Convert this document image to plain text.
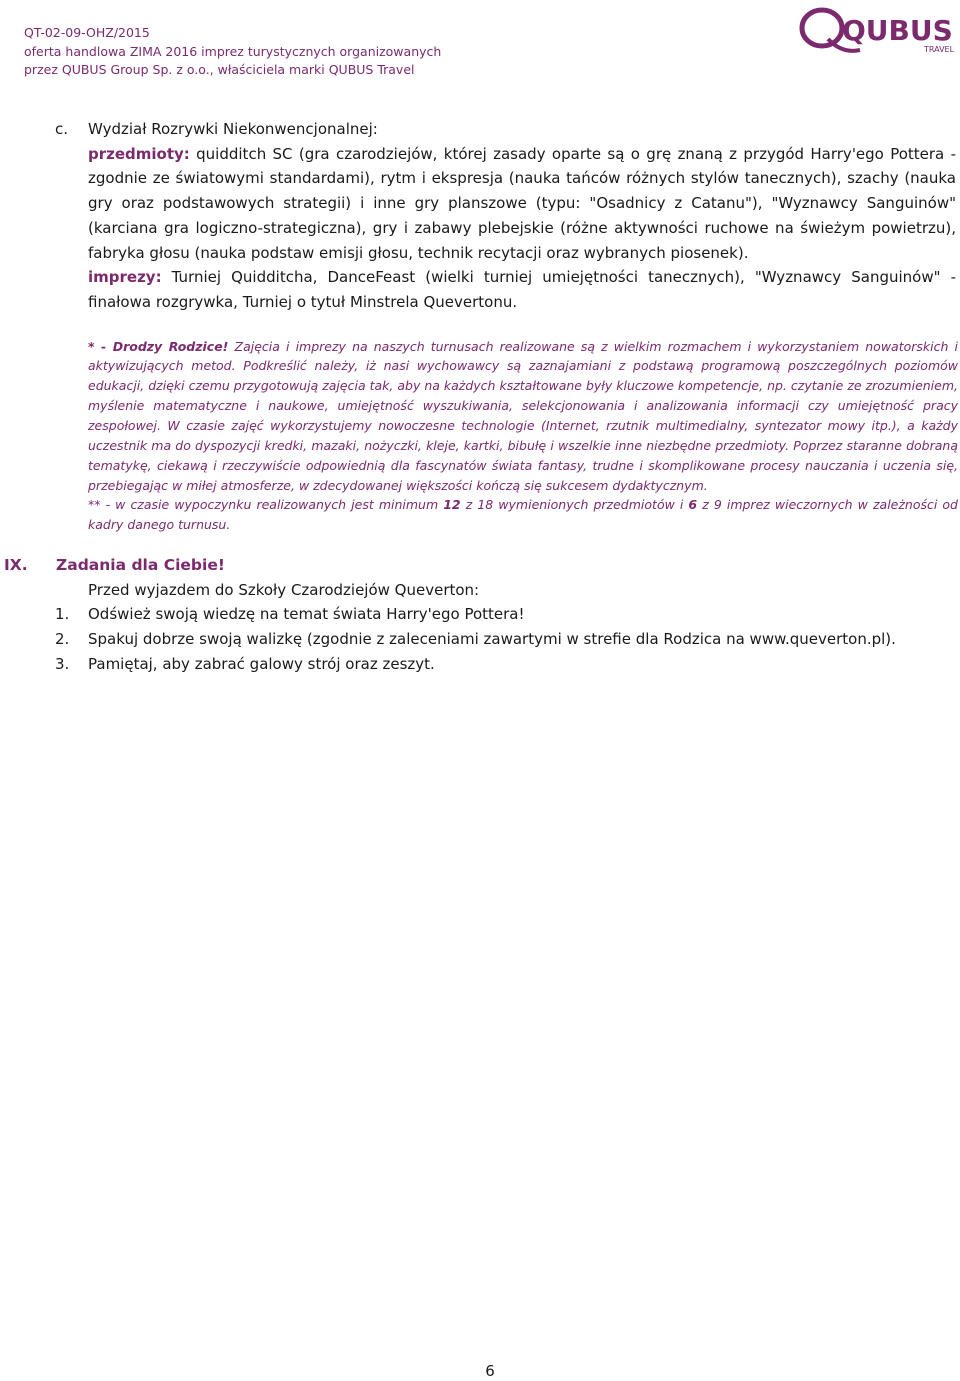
QT-02-09-OHZ/2015
oferta handlowa ZIMA 2016 imprez turystycznych organizowanych
przez QUBUS Group Sp. z o.o., właściciela marki QUBUS Travel
QUBUS
TRAVEL
c. Wydział Rozrywki Niekonwencjonalnej:
przedmioty: quidditch SC (gra czarodziejów, której zasady oparte są o grę znaną z przygód Harry'ego Pottera - zgodnie ze światowymi standardami), rytm i ekspresja (nauka tańców różnych stylów tanecznych), szachy (nauka gry oraz podstawowych strategii) i inne gry planszowe (typu: "Osadnicy z Catanu"), "Wyznawcy Sanguinów" (karciana gra logiczno-strategiczna), gry i zabawy plebejskie (różne aktywności ruchowe na świeżym powietrzu), fabryka głosu (nauka podstaw emisji głosu, technik recytacji oraz wybranych piosenek).
imprezy: Turniej Quidditcha, DanceFeast (wielki turniej umiejętności tanecznych), "Wyznawcy Sanguinów" - finałowa rozgrywka, Turniej o tytuł Minstrela Quevertonu.
* - Drodzy Rodzice! Zajęcia i imprezy na naszych turnusach realizowane są z wielkim rozmachem i wykorzystaniem nowatorskich i aktywizujących metod. Podkreślić należy, iż nasi wychowawcy są zaznajamiani z podstawą programową poszczególnych poziomów edukacji, dzięki czemu przygotowują zajęcia tak, aby na każdych kształtowane były kluczowe kompetencje, np. czytanie ze zrozumieniem, myślenie matematyczne i naukowe, umiejętność wyszukiwania, selekcjonowania i analizowania informacji czy umiejętność pracy zespołowej. W czasie zajęć wykorzystujemy nowoczesne technologie (Internet, rzutnik multimedialny, syntezator mowy itp.), a każdy uczestnik ma do dyspozycji kredki, mazaki, nożyczki, kleje, kartki, bibułę i wszelkie inne niezbędne przedmioty. Poprzez staranne dobraną tematykę, ciekawą i rzeczywiście odpowiednią dla fascynatów świata fantasy, trudne i skomplikowane procesy nauczania i uczenia się, przebiegając w miłej atmosferze, w zdecydowanej większości kończą się sukcesem dydaktycznym.
** - w czasie wypoczynku realizowanych jest minimum 12 z 18 wymienionych przedmiotów i 6 z 9 imprez wieczornych w zależności od kadry danego turnusu.
IX. Zadania dla Ciebie!
Przed wyjazdem do Szkoły Czarodziejów Queverton:
1. Odśwież swoją wiedzę na temat świata Harry'ego Pottera!
2. Spakuj dobrze swoją walizkę (zgodnie z zaleceniami zawartymi w strefie dla Rodzica na www.queverton.pl).
3. Pamiętaj, aby zabrać galowy strój oraz zeszyt.
6
